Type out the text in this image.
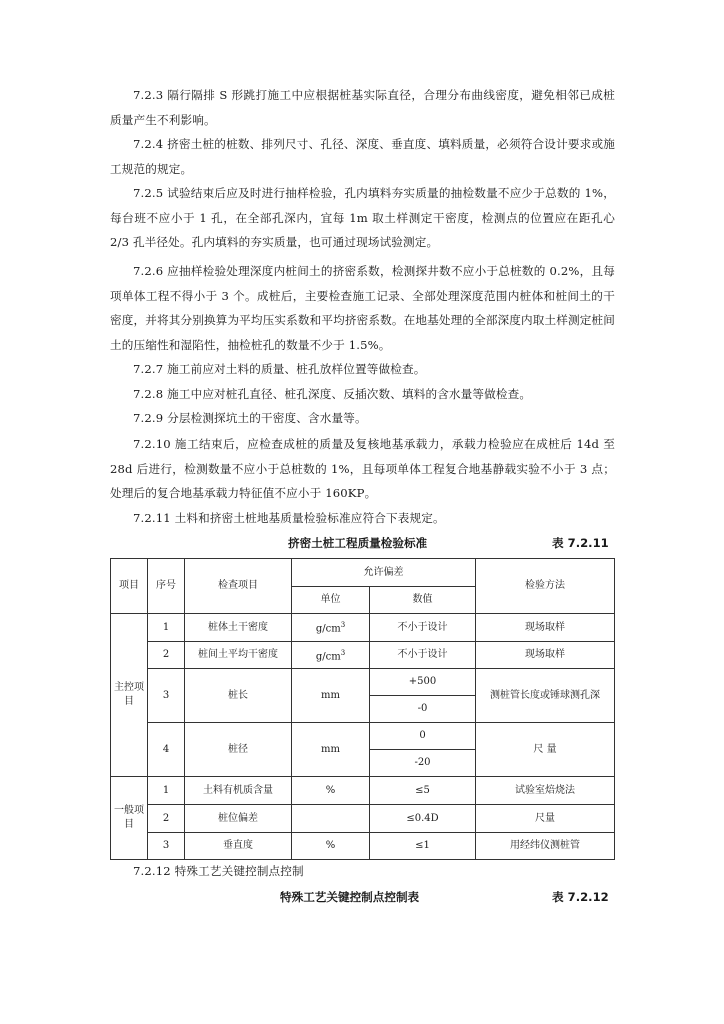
7.2.3 隔行隔排 S 形跳打施工中应根据桩基实际直径，合理分布曲线密度，避免相邻已成桩质量产生不利影响。

7.2.4 挤密土桩的桩数、排列尺寸、孔径、深度、垂直度、填料质量，必须符合设计要求或施工规范的规定。

7.2.5 试验结束后应及时进行抽样检验，孔内填料夯实质量的抽检数量不应少于总数的 1%，每台班不应小于 1 孔，在全部孔深内，宜每 1m 取土样测定干密度，检测点的位置应在距孔心 2/3 孔半径处。孔内填料的夯实质量，也可通过现场试验测定。

7.2.6 应抽样检验处理深度内桩间土的挤密系数，检测探井数不应小于总桩数的 0.2%，且每项单体工程不得小于 3 个。成桩后，主要检查施工记录、全部处理深度范围内桩体和桩间土的干密度，并将其分别换算为平均压实系数和平均挤密系数。在地基处理的全部深度内取土样测定桩间土的压缩性和湿陷性，抽检桩孔的数量不少于 1.5%。

7.2.7 施工前应对土料的质量、桩孔放样位置等做检查。

7.2.8 施工中应对桩孔直径、桩孔深度、反插次数、填料的含水量等做检查。

7.2.9 分层检测探坑土的干密度、含水量等。

7.2.10 施工结束后，应检查成桩的质量及复核地基承载力，承载力检验应在成桩后 14d 至 28d 后进行，检测数量不应小于总桩数的 1%，且每项单体工程复合地基静载实验不小于 3 点；处理后的复合地基承载力特征值不应小于 160KP。

7.2.11 土料和挤密土桩地基质量检验标准应符合下表规定。

挤密土桩工程质量检验标准	表 7.2.11
项目	序号	检查项目	允许偏差		检验方法
			单位	数值	
主控项目	1	桩体土干密度	$g/cm^3$	不小于设计	现场取样
	2	桩间土平均干密度	$g/cm^3$	不小于设计	现场取样
	3	桩长	mm	+500	测桩管长度或锤球测孔深
				-0	
	4	桩径	mm	0	尺 量
				-20	
一般项目	1	土料有机质含量	%	≤5	试验室焙烧法
	2	桩位偏差		≤0.4D	尺量
	3	垂直度	%	≤1	用经纬仪测桩管

7.2.12 特殊工艺关键控制点控制

特殊工艺关键控制点控制表	表 7.2.12
